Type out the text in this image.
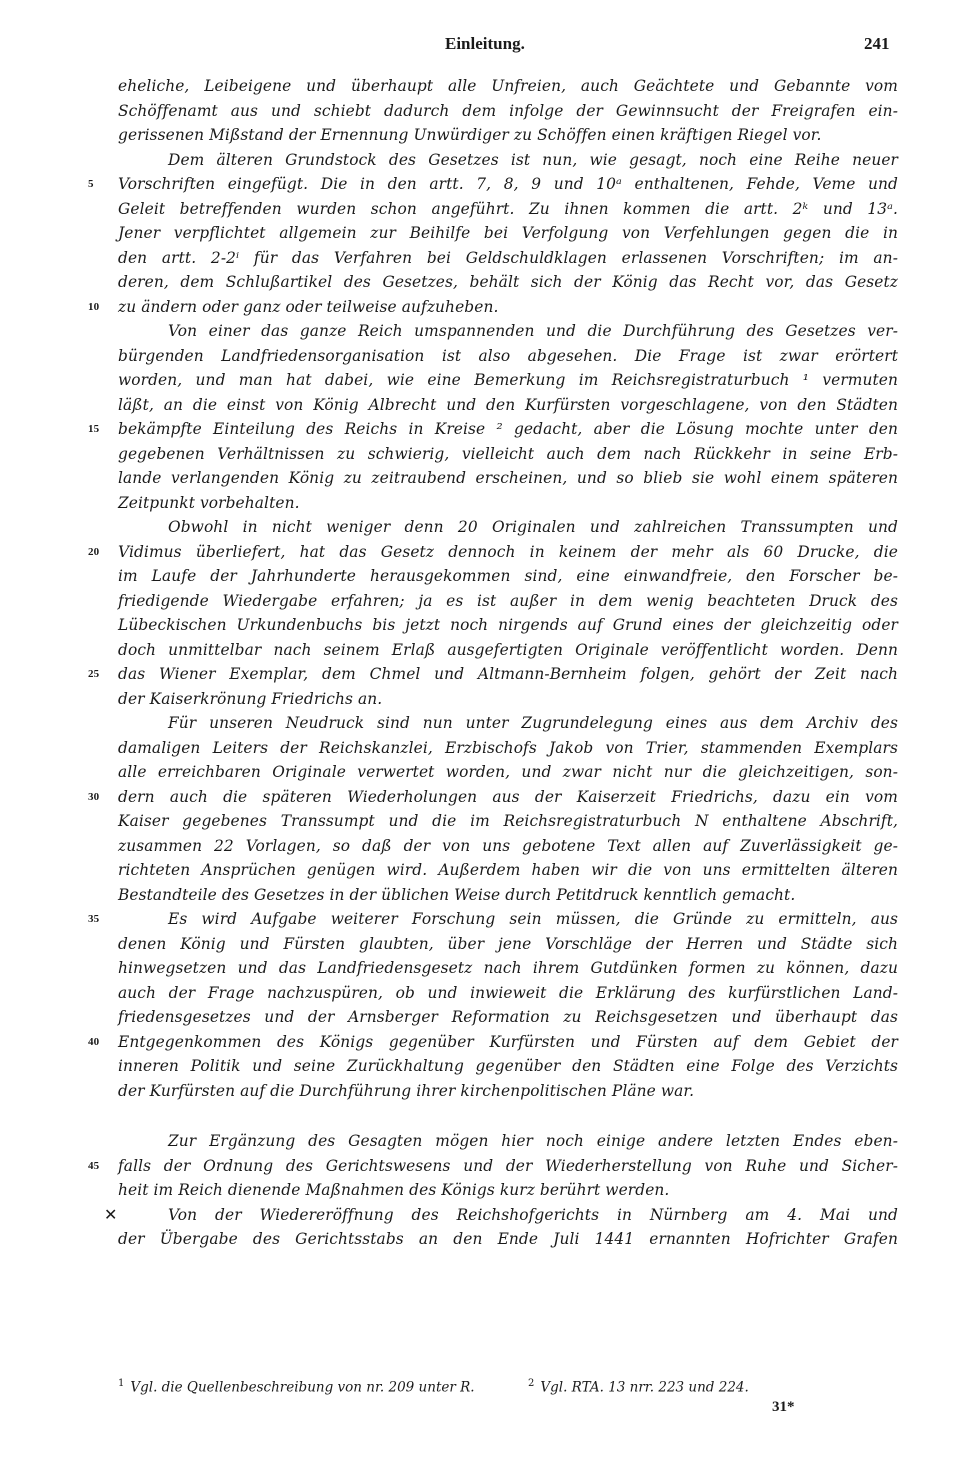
Einleitung.	241
eheliche, Leibeigene und überhaupt alle Unfreien, auch Geächtete und Gebannte vom
Schöffenamt aus und schiebt dadurch dem infolge der Gewinnsucht der Freigrafen ein-
gerissenen Mißstand der Ernennung Unwürdiger zu Schöffen einen kräftigen Riegel vor.
Dem älteren Grundstock des Gesetzes ist nun, wie gesagt, noch eine Reihe neuer
5	Vorschriften eingefügt. Die in den artt. 7, 8, 9 und 10ᵃ enthaltenen, Fehde, Veme und
Geleit betreffenden wurden schon angeführt. Zu ihnen kommen die artt. 2ᵏ und 13ᵃ.
Jener verpflichtet allgemein zur Beihilfe bei Verfolgung von Verfehlungen gegen die in
den artt. 2-2ⁱ für das Verfahren bei Geldschuldklagen erlassenen Vorschriften; im an-
deren, dem Schlußartikel des Gesetzes, behält sich der König das Recht vor, das Gesetz
10	zu ändern oder ganz oder teilweise aufzuheben.
Von einer das ganze Reich umspannenden und die Durchführung des Gesetzes ver-
bürgenden Landfriedensorganisation ist also abgesehen. Die Frage ist zwar erörtert
worden, und man hat dabei, wie eine Bemerkung im Reichsregistraturbuch ¹ vermuten
läßt, an die einst von König Albrecht und den Kurfürsten vorgeschlagene, von den Städten
15	bekämpfte Einteilung des Reichs in Kreise ² gedacht, aber die Lösung mochte unter den
gegebenen Verhältnissen zu schwierig, vielleicht auch dem nach Rückkehr in seine Erb-
lande verlangenden König zu zeitraubend erscheinen, und so blieb sie wohl einem späteren
Zeitpunkt vorbehalten.
Obwohl in nicht weniger denn 20 Originalen und zahlreichen Transsumpten und
20	Vidimus überliefert, hat das Gesetz dennoch in keinem der mehr als 60 Drucke, die
im Laufe der Jahrhunderte herausgekommen sind, eine einwandfreie, den Forscher be-
friedigende Wiedergabe erfahren; ja es ist außer in dem wenig beachteten Druck des
Lübeckischen Urkundenbuchs bis jetzt noch nirgends auf Grund eines der gleichzeitig oder
doch unmittelbar nach seinem Erlaß ausgefertigten Originale veröffentlicht worden. Denn
25	das Wiener Exemplar, dem Chmel und Altmann-Bernheim folgen, gehört der Zeit nach
der Kaiserkrönung Friedrichs an.
Für unseren Neudruck sind nun unter Zugrundelegung eines aus dem Archiv des
damaligen Leiters der Reichskanzlei, Erzbischofs Jakob von Trier, stammenden Exemplars
alle erreichbaren Originale verwertet worden, und zwar nicht nur die gleichzeitigen, son-
30	dern auch die späteren Wiederholungen aus der Kaiserzeit Friedrichs, dazu ein vom
Kaiser gegebenes Transsumpt und die im Reichsregistraturbuch N enthaltene Abschrift,
zusammen 22 Vorlagen, so daß der von uns gebotene Text allen auf Zuverlässigkeit ge-
richteten Ansprüchen genügen wird. Außerdem haben wir die von uns ermittelten älteren
Bestandteile des Gesetzes in der üblichen Weise durch Petitdruck kenntlich gemacht.
35	Es wird Aufgabe weiterer Forschung sein müssen, die Gründe zu ermitteln, aus
denen König und Fürsten glaubten, über jene Vorschläge der Herren und Städte sich
hinwegsetzen und das Landfriedensgesetz nach ihrem Gutdünken formen zu können, dazu
auch der Frage nachzuspüren, ob und inwieweit die Erklärung des kurfürstlichen Land-
friedensgesetzes und der Arnsberger Reformation zu Reichsgesetzen und überhaupt das
40	Entgegenkommen des Königs gegenüber Kurfürsten und Fürsten auf dem Gebiet der
inneren Politik und seine Zurückhaltung gegenüber den Städten eine Folge des Verzichts
der Kurfürsten auf die Durchführung ihrer kirchenpolitischen Pläne war.
Zur Ergänzung des Gesagten mögen hier noch einige andere letzten Endes eben-
45	falls der Ordnung des Gerichtswesens und der Wiederherstellung von Ruhe und Sicher-
heit im Reich dienende Maßnahmen des Königs kurz berührt werden.
✕	Von der Wiedereröffnung des Reichshofgerichts in Nürnberg am 4. Mai und
der Übergabe des Gerichtsstabs an den Ende Juli 1441 ernannten Hofrichter Grafen
$^1$ Vgl. die Quellenbeschreibung von nr. 209 unter R.	$^2$ Vgl. RTA. 13 nrr. 223 und 224.
31*
